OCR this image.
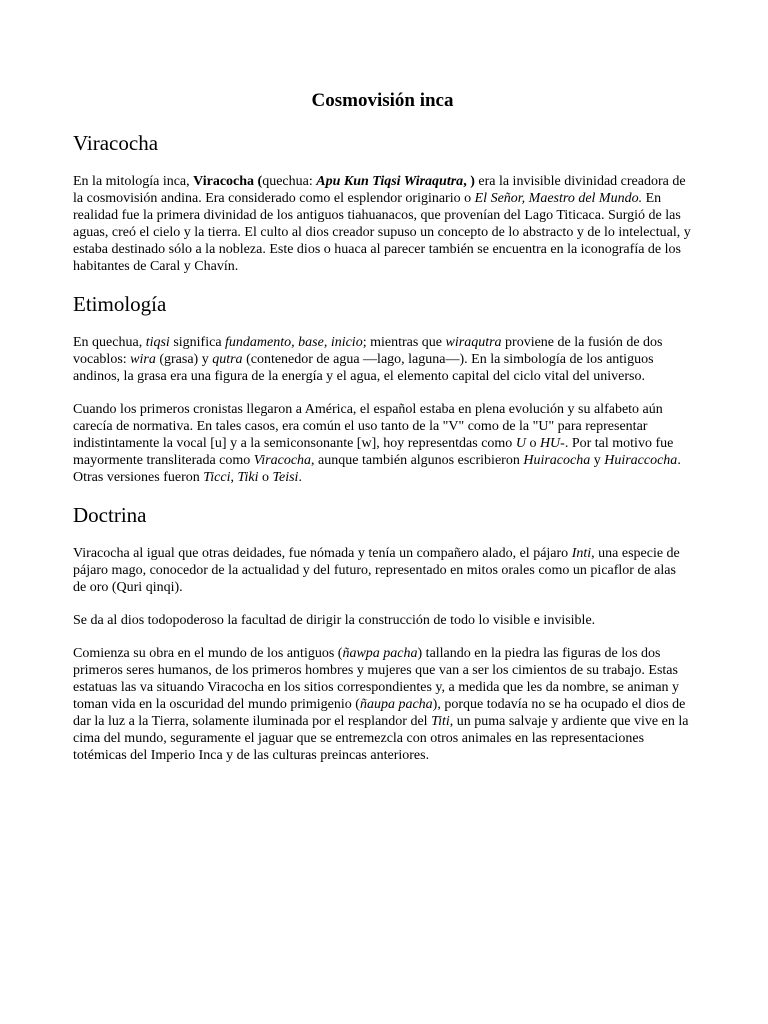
Cosmovisión inca
Viracocha

En la mitología inca, Viracocha (quechua: Apu Kun Tiqsi Wiraqutra, ) era la invisible divinidad creadora de la cosmovisión andina. Era considerado como el esplendor originario o El Señor, Maestro del Mundo. En realidad fue la primera divinidad de los antiguos tiahuanacos, que provenían del Lago Titicaca. Surgió de las aguas, creó el cielo y la tierra. El culto al dios creador supuso un concepto de lo abstracto y de lo intelectual, y estaba destinado sólo a la nobleza. Este dios o huaca al parecer también se encuentra en la iconografía de los habitantes de Caral y Chavín.

Etimología

En quechua, tiqsi significa fundamento, base, inicio; mientras que wiraqutra proviene de la fusión de dos vocablos: wira (grasa) y qutra (contenedor de agua —lago, laguna—). En la simbología de los antiguos andinos, la grasa era una figura de la energía y el agua, el elemento capital del ciclo vital del universo.

Cuando los primeros cronistas llegaron a América, el español estaba en plena evolución y su alfabeto aún carecía de normativa. En tales casos, era común el uso tanto de la "V" como de la "U" para representar indistintamente la vocal [u] y a la semiconsonante [w], hoy representdas como U o HU-. Por tal motivo fue mayormente transliterada como Viracocha, aunque también algunos escribieron Huiracocha y Huiraccocha. Otras versiones fueron Ticci, Tiki o Teisi.

Doctrina

Viracocha al igual que otras deidades, fue nómada y tenía un compañero alado, el pájaro Inti, una especie de pájaro mago, conocedor de la actualidad y del futuro, representado en mitos orales como un picaflor de alas de oro (Quri qinqi).

Se da al dios todopoderoso la facultad de dirigir la construcción de todo lo visible e invisible.

Comienza su obra en el mundo de los antiguos (ñawpa pacha) tallando en la piedra las figuras de los dos primeros seres humanos, de los primeros hombres y mujeres que van a ser los cimientos de su trabajo. Estas estatuas las va situando Viracocha en los sitios correspondientes y, a medida que les da nombre, se animan y toman vida en la oscuridad del mundo primigenio (ñaupa pacha), porque todavía no se ha ocupado el dios de dar la luz a la Tierra, solamente iluminada por el resplandor del Titi, un puma salvaje y ardiente que vive en la cima del mundo, seguramente el jaguar que se entremezcla con otros animales en las representaciones totémicas del Imperio Inca y de las culturas preincas anteriores.
